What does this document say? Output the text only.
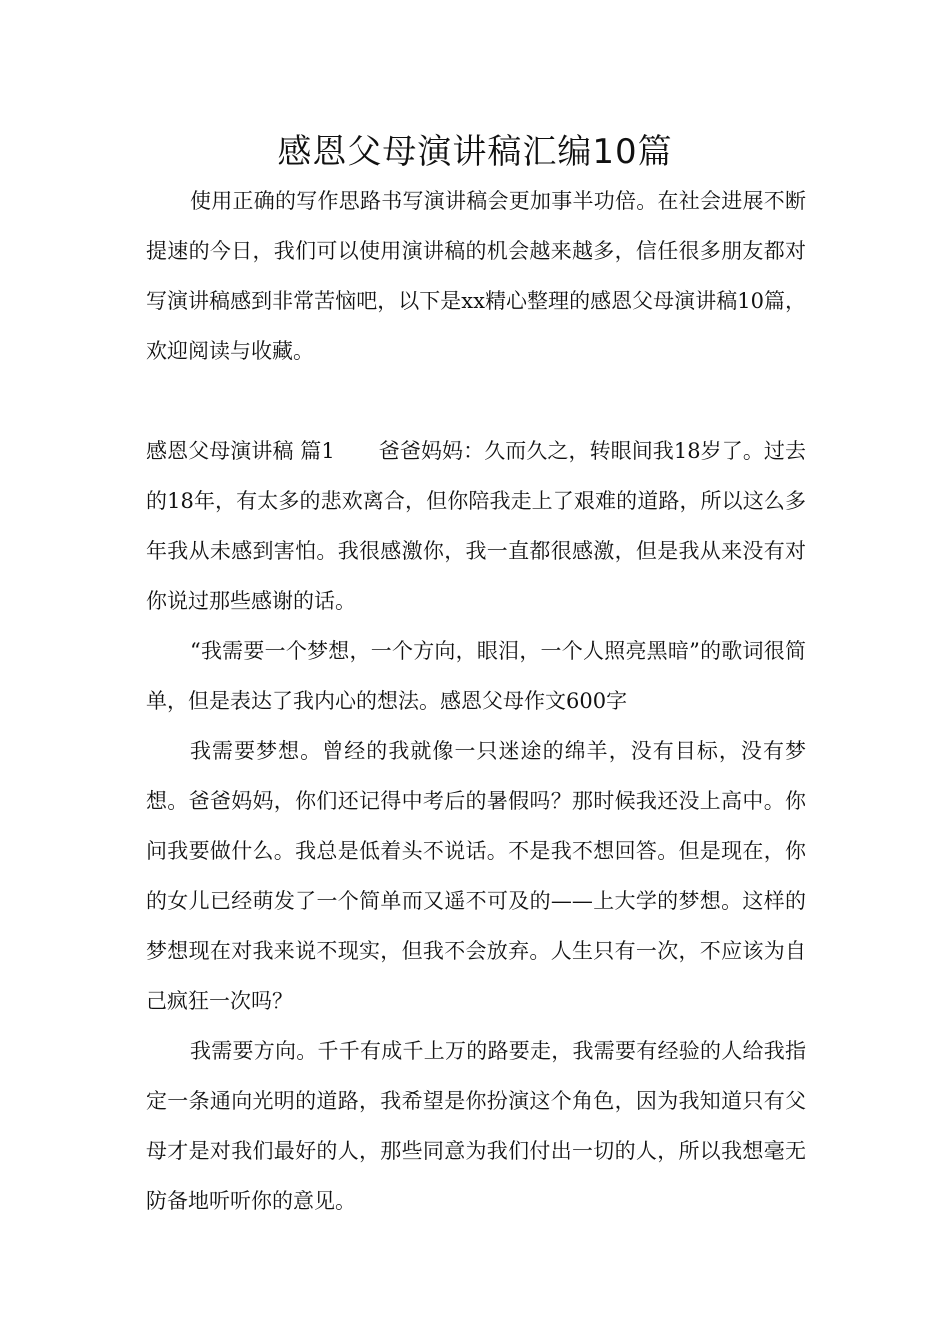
感恩父母演讲稿汇编10篇

使用正确的写作思路书写演讲稿会更加事半功倍。在社会进展不断提速的今日，我们可以使用演讲稿的机会越来越多，信任很多朋友都对写演讲稿感到非常苦恼吧，以下是xx精心整理的感恩父母演讲稿10篇，欢迎阅读与收藏。

感恩父母演讲稿 篇1 爸爸妈妈：久而久之，转眼间我18岁了。过去的18年，有太多的悲欢离合，但你陪我走上了艰难的道路，所以这么多年我从未感到害怕。我很感激你，我一直都很感激，但是我从来没有对你说过那些感谢的话。

“我需要一个梦想，一个方向，眼泪，一个人照亮黑暗”的歌词很简单，但是表达了我内心的想法。感恩父母作文600字

我需要梦想。曾经的我就像一只迷途的绵羊，没有目标，没有梦想。爸爸妈妈，你们还记得中考后的暑假吗？那时候我还没上高中。你问我要做什么。我总是低着头不说话。不是我不想回答。但是现在，你的女儿已经萌发了一个简单而又遥不可及的——上大学的梦想。这样的梦想现在对我来说不现实，但我不会放弃。人生只有一次，不应该为自己疯狂一次吗？

我需要方向。千千有成千上万的路要走，我需要有经验的人给我指定一条通向光明的道路，我希望是你扮演这个角色，因为我知道只有父母才是对我们最好的人，那些同意为我们付出一切的人，所以我想毫无防备地听听你的意见。
